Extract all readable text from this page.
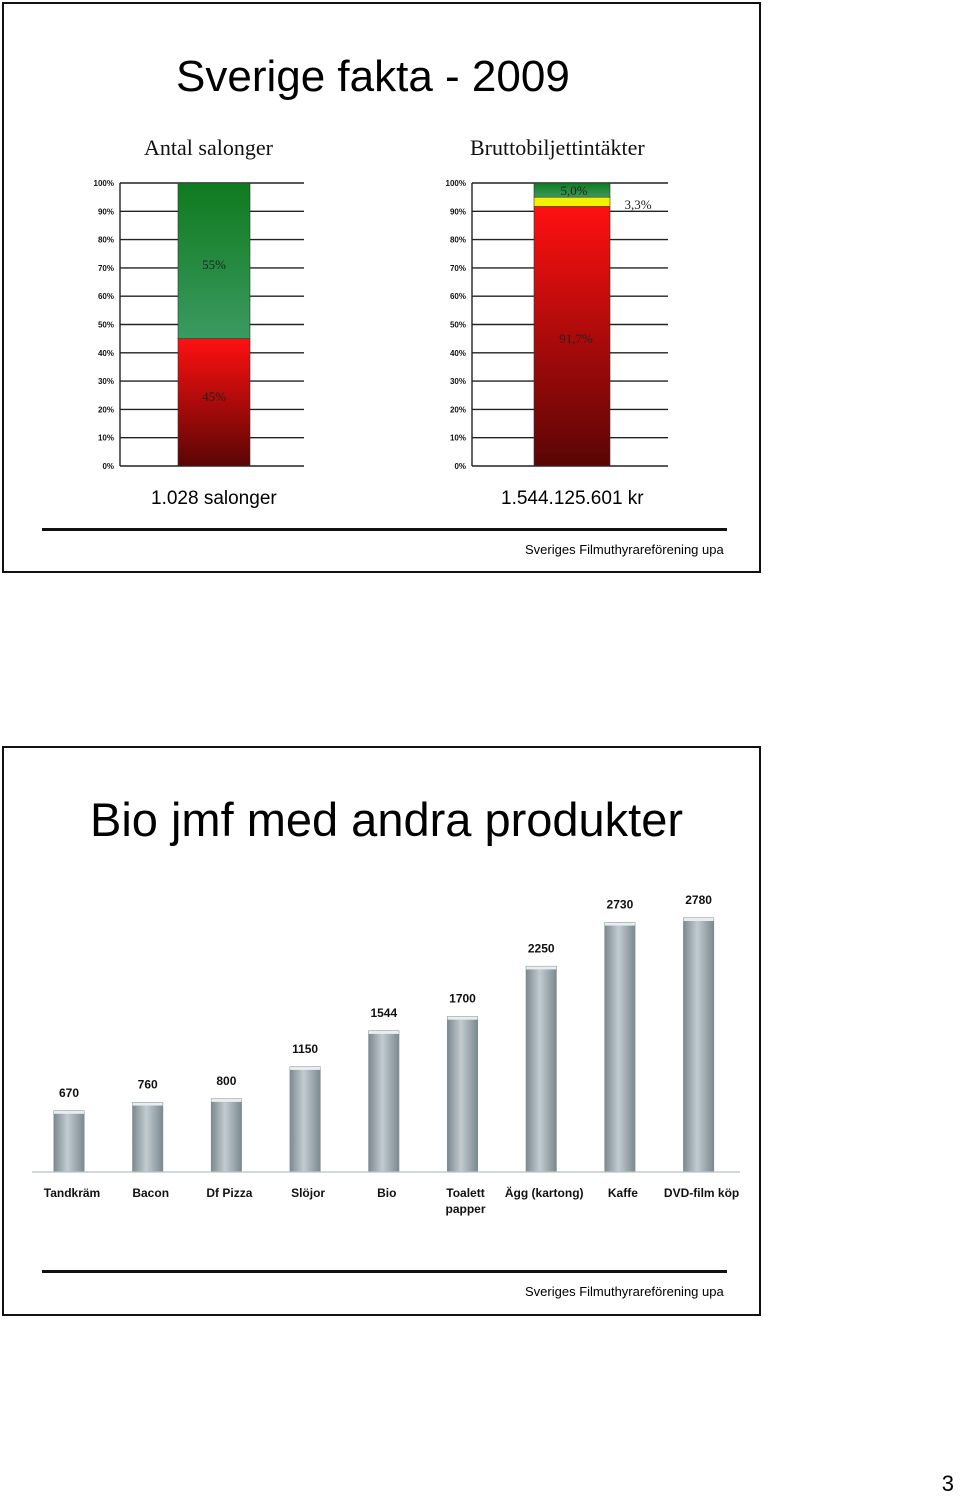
Sverige fakta - 2009
Antal salonger	Bruttobiljettintäkter
0%
10%
20%
30%
40%
50%
60%
70%
80%
90%
100%
45%
55%
0%
10%
20%
30%
40%
50%
60%
70%
80%
90%
100%
91,7%
3,3%
5,0%
1.028 salonger	1.544.125.601 kr
Sveriges Filmuthyrareförening upa
Bio jmf med andra produkter
670
Tandkräm
760
Bacon
800
Df Pizza
1150
Slöjor
1544
Bio
1700
Toalett
papper
2250
Ägg (kartong)
2730
Kaffe
2780
DVD-film köp
Sveriges Filmuthyrareförening upa
3
